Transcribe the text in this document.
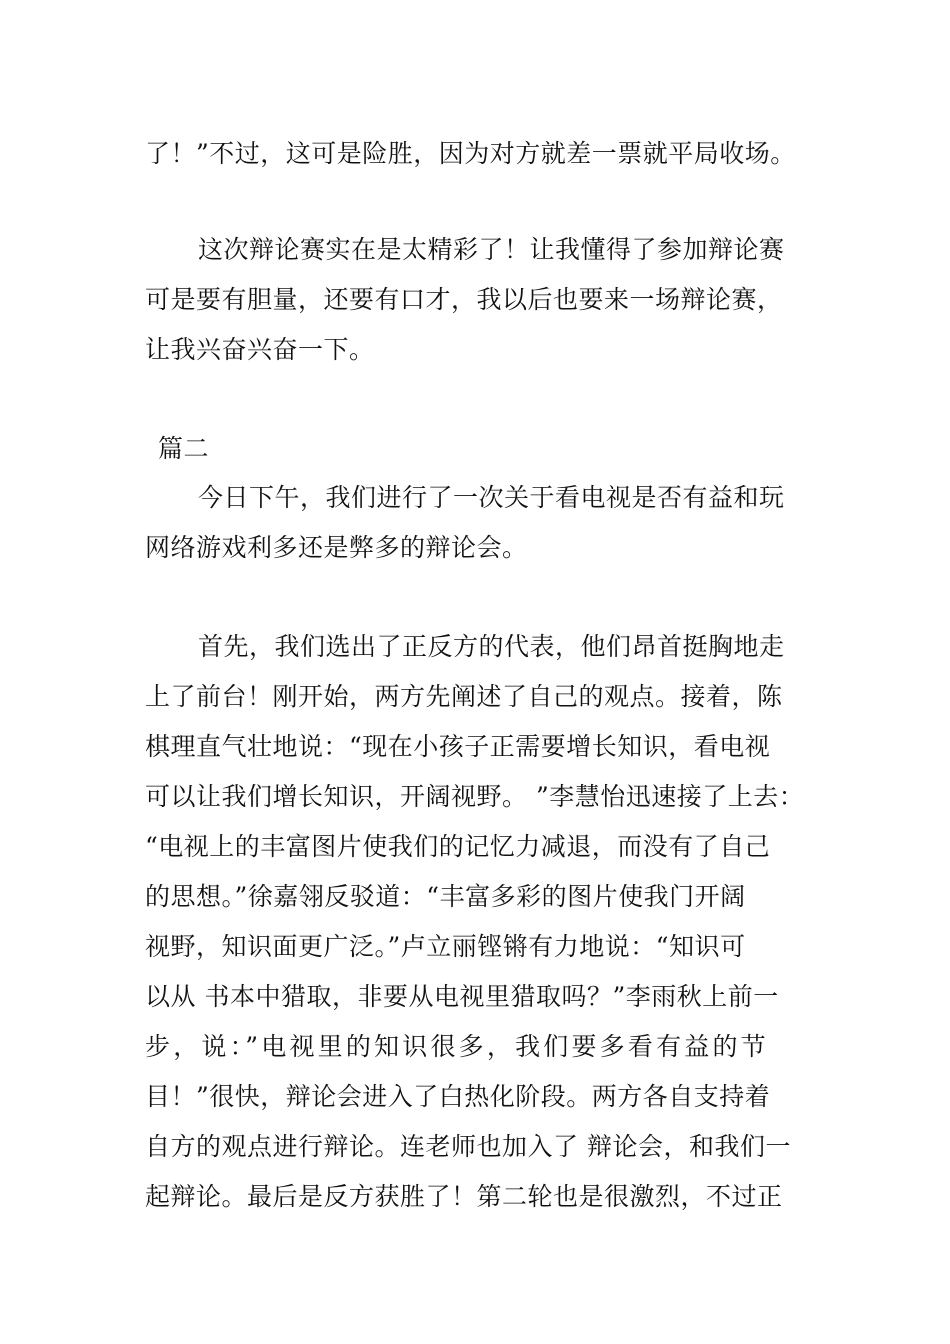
了！”不过，这可是险胜，因为对方就差一票就平局收场。
这次辩论赛实在是太精彩了！让我懂得了参加辩论赛
可是要有胆量，还要有口才，我以后也要来一场辩论赛，
让我兴奋兴奋一下。
篇二
今日下午，我们进行了一次关于看电视是否有益和玩
网络游戏利多还是弊多的辩论会。
首先，我们选出了正反方的代表，他们昂首挺胸地走
上了前台！刚开始，两方先阐述了自己的观点。接着，陈
棋理直气壮地说：“现在小孩子正需要增长知识，看电视
可以让我们增长知识，开阔视野。 ”李慧怡迅速接了上去：
“电视上的丰富图片使我们的记忆力减退，而没有了自己
的思想。”徐嘉翎反驳道：“丰富多彩的图片使我门开阔
视野，知识面更广泛。”卢立丽铿锵有力地说：“知识可
以从 书本中猎取，非要从电视里猎取吗？”李雨秋上前一
步，说：”电视里的知识很多，我们要多看有益的节
目！”很快，辩论会进入了白热化阶段。两方各自支持着
自方的观点进行辩论。连老师也加入了 辩论会，和我们一
起辩论。最后是反方获胜了！第二轮也是很激烈，不过正
